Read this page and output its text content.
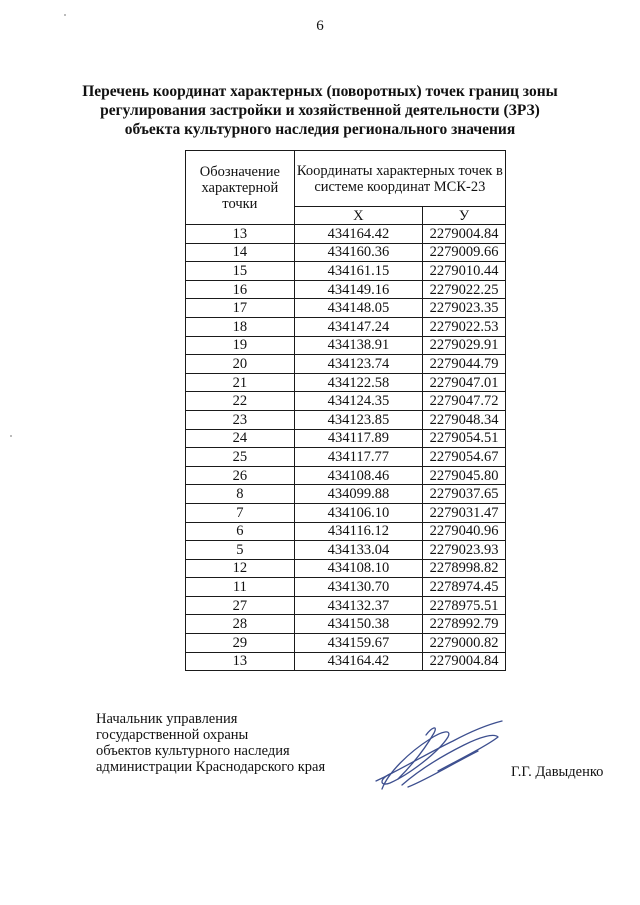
6
Перечень координат характерных (поворотных) точек границ зоны
регулирования застройки и хозяйственной деятельности (ЗРЗ)
объекта культурного наследия регионального значения
Обозначение характерной точки	Координаты характерных точек в системе координат МСК-23	
	X	У
13	434164.42	2279004.84
14	434160.36	2279009.66
15	434161.15	2279010.44
16	434149.16	2279022.25
17	434148.05	2279023.35
18	434147.24	2279022.53
19	434138.91	2279029.91
20	434123.74	2279044.79
21	434122.58	2279047.01
22	434124.35	2279047.72
23	434123.85	2279048.34
24	434117.89	2279054.51
25	434117.77	2279054.67
26	434108.46	2279045.80
8	434099.88	2279037.65
7	434106.10	2279031.47
6	434116.12	2279040.96
5	434133.04	2279023.93
12	434108.10	2278998.82
11	434130.70	2278974.45
27	434132.37	2278975.51
28	434150.38	2278992.79
29	434159.67	2279000.82
13	434164.42	2279004.84
Начальник управления
государственной охраны
объектов культурного наследия
администрации Краснодарского края	Г.Г. Давыденко
